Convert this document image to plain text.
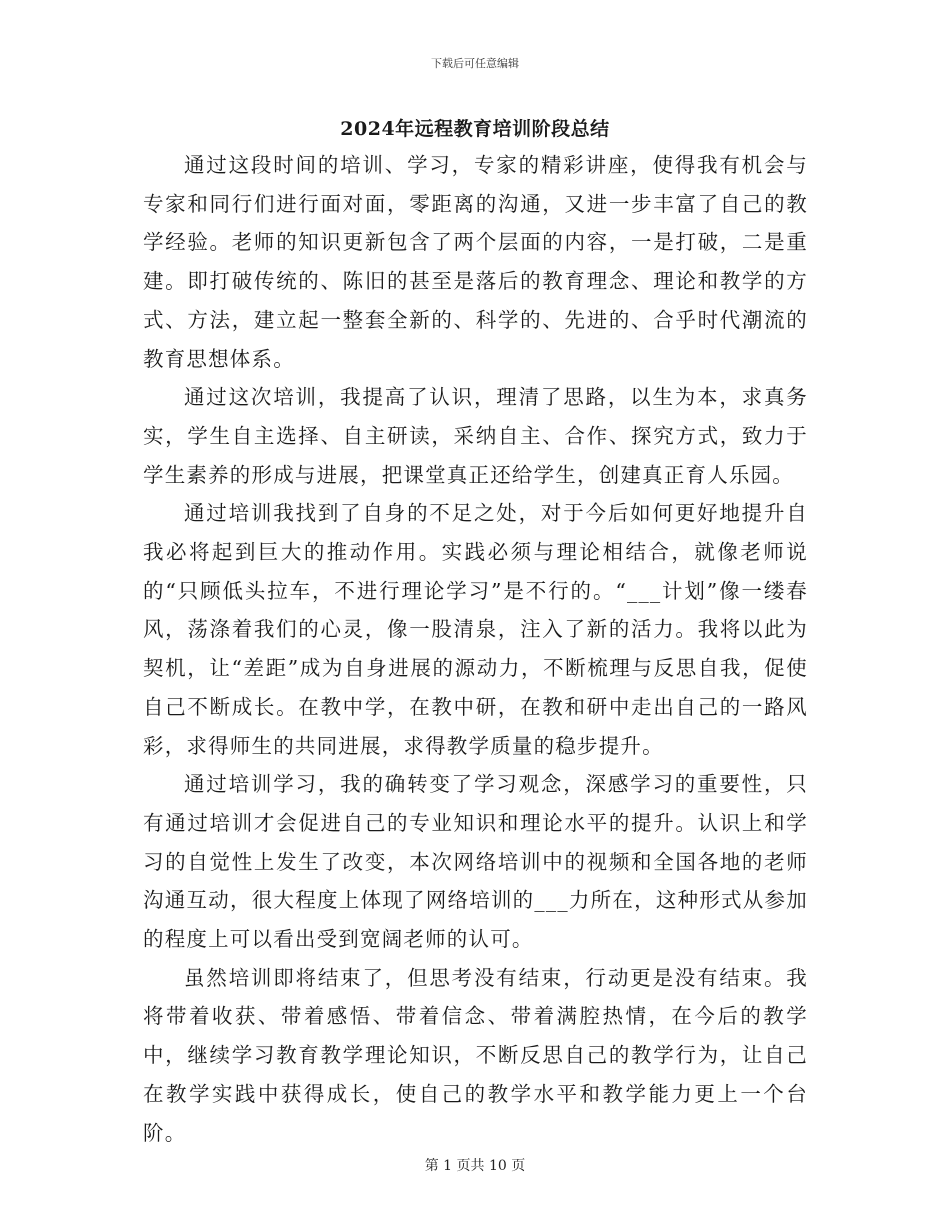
下载后可任意编辑
2024年远程教育培训阶段总结

通过这段时间的培训、学习，专家的精彩讲座，使得我有机会与专家和同行们进行面对面，零距离的沟通，又进一步丰富了自己的教学经验。老师的知识更新包含了两个层面的内容，一是打破，二是重建。即打破传统的、陈旧的甚至是落后的教育理念、理论和教学的方式、方法，建立起一整套全新的、科学的、先进的、合乎时代潮流的教育思想体系。

通过这次培训，我提高了认识，理清了思路，以生为本，求真务实，学生自主选择、自主研读，采纳自主、合作、探究方式，致力于学生素养的形成与进展，把课堂真正还给学生，创建真正育人乐园。

通过培训我找到了自身的不足之处，对于今后如何更好地提升自我必将起到巨大的推动作用。实践必须与理论相结合，就像老师说的“只顾低头拉车，不进行理论学习”是不行的。“___计划”像一缕春风，荡涤着我们的心灵，像一股清泉，注入了新的活力。我将以此为契机，让“差距”成为自身进展的源动力，不断梳理与反思自我，促使自己不断成长。在教中学，在教中研，在教和研中走出自己的一路风彩，求得师生的共同进展，求得教学质量的稳步提升。

通过培训学习，我的确转变了学习观念，深感学习的重要性，只有通过培训才会促进自己的专业知识和理论水平的提升。认识上和学习的自觉性上发生了改变，本次网络培训中的视频和全国各地的老师沟通互动，很大程度上体现了网络培训的___力所在，这种形式从参加的程度上可以看出受到宽阔老师的认可。

虽然培训即将结束了，但思考没有结束，行动更是没有结束。我将带着收获、带着感悟、带着信念、带着满腔热情，在今后的教学中，继续学习教育教学理论知识，不断反思自己的教学行为，让自己在教学实践中获得成长，使自己的教学水平和教学能力更上一个台阶。

第 1 页共 10 页
